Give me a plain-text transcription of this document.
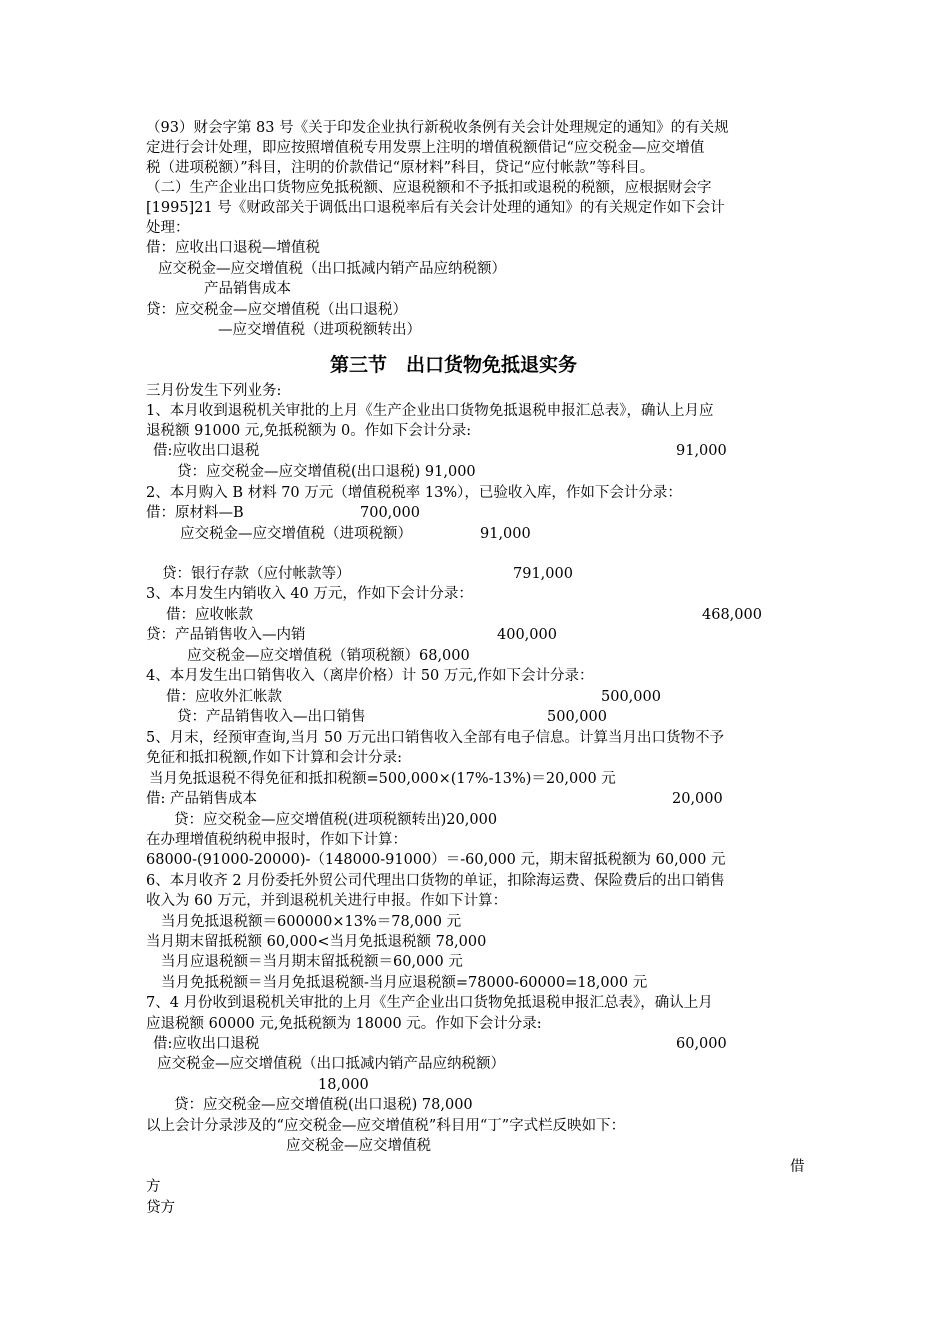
（93）财会字第 83 号《关于印发企业执行新税收条例有关会计处理规定的通知》的有关规
定进行会计处理，即应按照增值税专用发票上注明的增值税额借记“应交税金—应交增值
税（进项税额）”科目，注明的价款借记“原材料”科目，贷记“应付帐款”等科目。
（二）生产企业出口货物应免抵税额、应退税额和不予抵扣或退税的税额，应根据财会字
[1995]21 号《财政部关于调低出口退税率后有关会计处理的通知》的有关规定作如下会计
处理：
借：应收出口退税—增值税
应交税金—应交增值税（出口抵减内销产品应纳税额）
产品销售成本
贷：应交税金—应交增值税（出口退税）
—应交增值税（进项税额转出）
第三节　出口货物免抵退实务
三月份发生下列业务:
1、本月收到退税机关审批的上月《生产企业出口货物免抵退税申报汇总表》，确认上月应
退税额 91000 元,免抵税额为 0。作如下会计分录:
借:应收出口退税	91,000
贷：应交税金—应交增值税(出口退税) 91,000
2、本月购入 B 材料 70 万元（增值税税率 13%），已验收入库，作如下会计分录：
借：原材料—B	700,000
应交税金—应交增值税（进项税额）	91,000
贷：银行存款（应付帐款等）	791,000
3、本月发生内销收入 40 万元，作如下会计分录：
借：应收帐款	468,000
贷：产品销售收入—内销	400,000
应交税金—应交增值税（销项税额）68,000
4、本月发生出口销售收入（离岸价格）计 50 万元,作如下会计分录：
借：应收外汇帐款	500,000
贷：产品销售收入—出口销售	500,000
5、月末，经预审查询,当月 50 万元出口销售收入全部有电子信息。计算当月出口货物不予
免征和抵扣税额,作如下计算和会计分录:
当月免抵退税不得免征和抵扣税额=500,000×(17%-13%)＝20,000 元
借: 产品销售成本	20,000
贷：应交税金—应交增值税(进项税额转出)20,000
在办理增值税纳税申报时，作如下计算：
68000-(91000-20000)-（148000-91000）＝-60,000 元，期末留抵税额为 60,000 元
6、本月收齐 2 月份委托外贸公司代理出口货物的单证，扣除海运费、保险费后的出口销售
收入为 60 万元，并到退税机关进行申报。作如下计算：
当月免抵退税额＝600000×13%＝78,000 元
当月期末留抵税额 60,000<当月免抵退税额 78,000
当月应退税额＝当月期末留抵税额＝60,000 元
当月免抵税额＝当月免抵退税额-当月应退税额=78000-60000=18,000 元
7、4 月份收到退税机关审批的上月《生产企业出口货物免抵退税申报汇总表》，确认上月
应退税额 60000 元,免抵税额为 18000 元。作如下会计分录:
借:应收出口退税	60,000
应交税金—应交增值税（出口抵减内销产品应纳税额）
18,000
贷：应交税金—应交增值税(出口退税) 78,000
以上会计分录涉及的“应交税金—应交增值税”科目用“丁”字式栏反映如下：
应交税金—应交增值税
借
方
贷方
